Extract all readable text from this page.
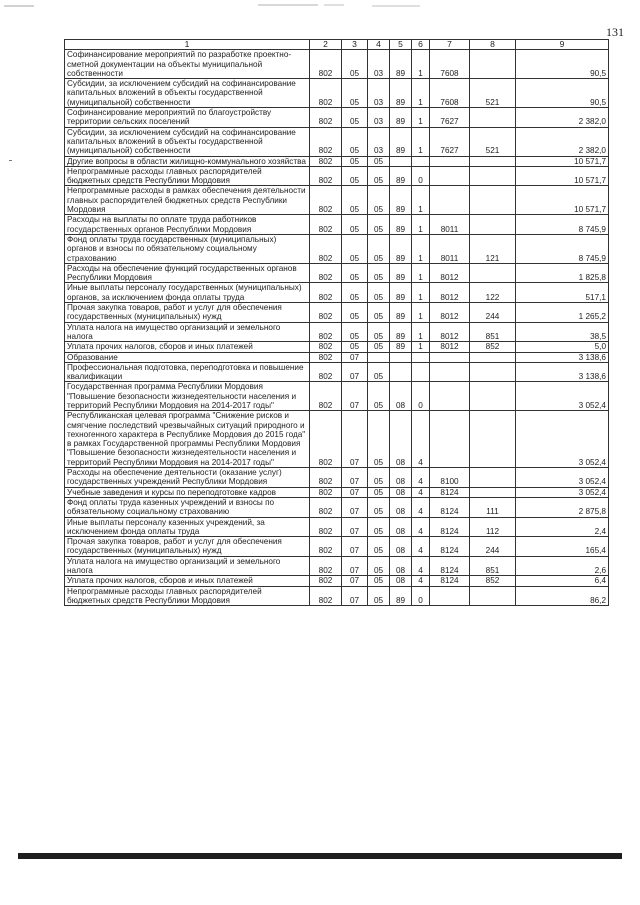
131
1	2	3	4	5	6	7	8	9
Софинансирование мероприятий по разработке проектно-сметной документации на объекты муниципальной собственности	802	05	03	89	1	7608		90,5
Субсидии, за исключением субсидий на софинансирование капитальных вложений в объекты государственной (муниципальной) собственности	802	05	03	89	1	7608	521	90,5
Софинансирование мероприятий по благоустройству территории сельских поселений	802	05	03	89	1	7627		2 382,0
Субсидии, за исключением субсидий на софинансирование капитальных вложений в объекты государственной (муниципальной) собственности	802	05	03	89	1	7627	521	2 382,0
Другие вопросы в области жилищно-коммунального хозяйства	802	05	05					10 571,7
Непрограммные расходы главных распорядителей бюджетных средств Республики Мордовия	802	05	05	89	0			10 571,7
Непрограммные расходы в рамках обеспечения деятельности главных распорядителей бюджетных средств Республики Мордовия	802	05	05	89	1			10 571,7
Расходы на выплаты по оплате труда работников государственных органов Республики Мордовия	802	05	05	89	1	8011		8 745,9
Фонд оплаты труда государственных (муниципальных) органов и взносы по обязательному социальному страхованию	802	05	05	89	1	8011	121	8 745,9
Расходы на обеспечение функций государственных органов Республики Мордовия	802	05	05	89	1	8012		1 825,8
Иные выплаты персоналу государственных (муниципальных) органов, за исключением фонда оплаты труда	802	05	05	89	1	8012	122	517,1
Прочая закупка товаров, работ и услуг для обеспечения государственных (муниципальных) нужд	802	05	05	89	1	8012	244	1 265,2
Уплата налога на имущество организаций и земельного налога	802	05	05	89	1	8012	851	38,5
Уплата прочих налогов, сборов и иных платежей	802	05	05	89	1	8012	852	5,0
Образование	802	07						3 138,6
Профессиональная подготовка, переподготовка и повышение квалификации	802	07	05					3 138,6
Государственная программа Республики Мордовия "Повышение безопасности жизнедеятельности населения и территорий Республики Мордовия на 2014-2017 годы"	802	07	05	08	0			3 052,4
Республиканская целевая программа "Снижение рисков и смягчение последствий чрезвычайных ситуаций природного и техногенного характера в Республике Мордовия до 2015 года" в рамках Государственной программы Республики Мордовия "Повышение безопасности жизнедеятельности населения и территорий Республики Мордовия на 2014-2017 годы"	802	07	05	08	4			3 052,4
Расходы на обеспечение деятельности (оказание услуг) государственных учреждений Республики Мордовия	802	07	05	08	4	8100		3 052,4
Учебные заведения и курсы по переподготовке кадров	802	07	05	08	4	8124		3 052,4
Фонд оплаты труда казенных учреждений и взносы по обязательному социальному страхованию	802	07	05	08	4	8124	111	2 875,8
Иные выплаты персоналу казенных учреждений, за исключением фонда оплаты труда	802	07	05	08	4	8124	112	2,4
Прочая закупка товаров, работ и услуг для обеспечения государственных (муниципальных) нужд	802	07	05	08	4	8124	244	165,4
Уплата налога на имущество организаций и земельного налога	802	07	05	08	4	8124	851	2,6
Уплата прочих налогов, сборов и иных платежей	802	07	05	08	4	8124	852	6,4
Непрограммные расходы главных распорядителей бюджетных средств Республики Мордовия	802	07	05	89	0			86,2
